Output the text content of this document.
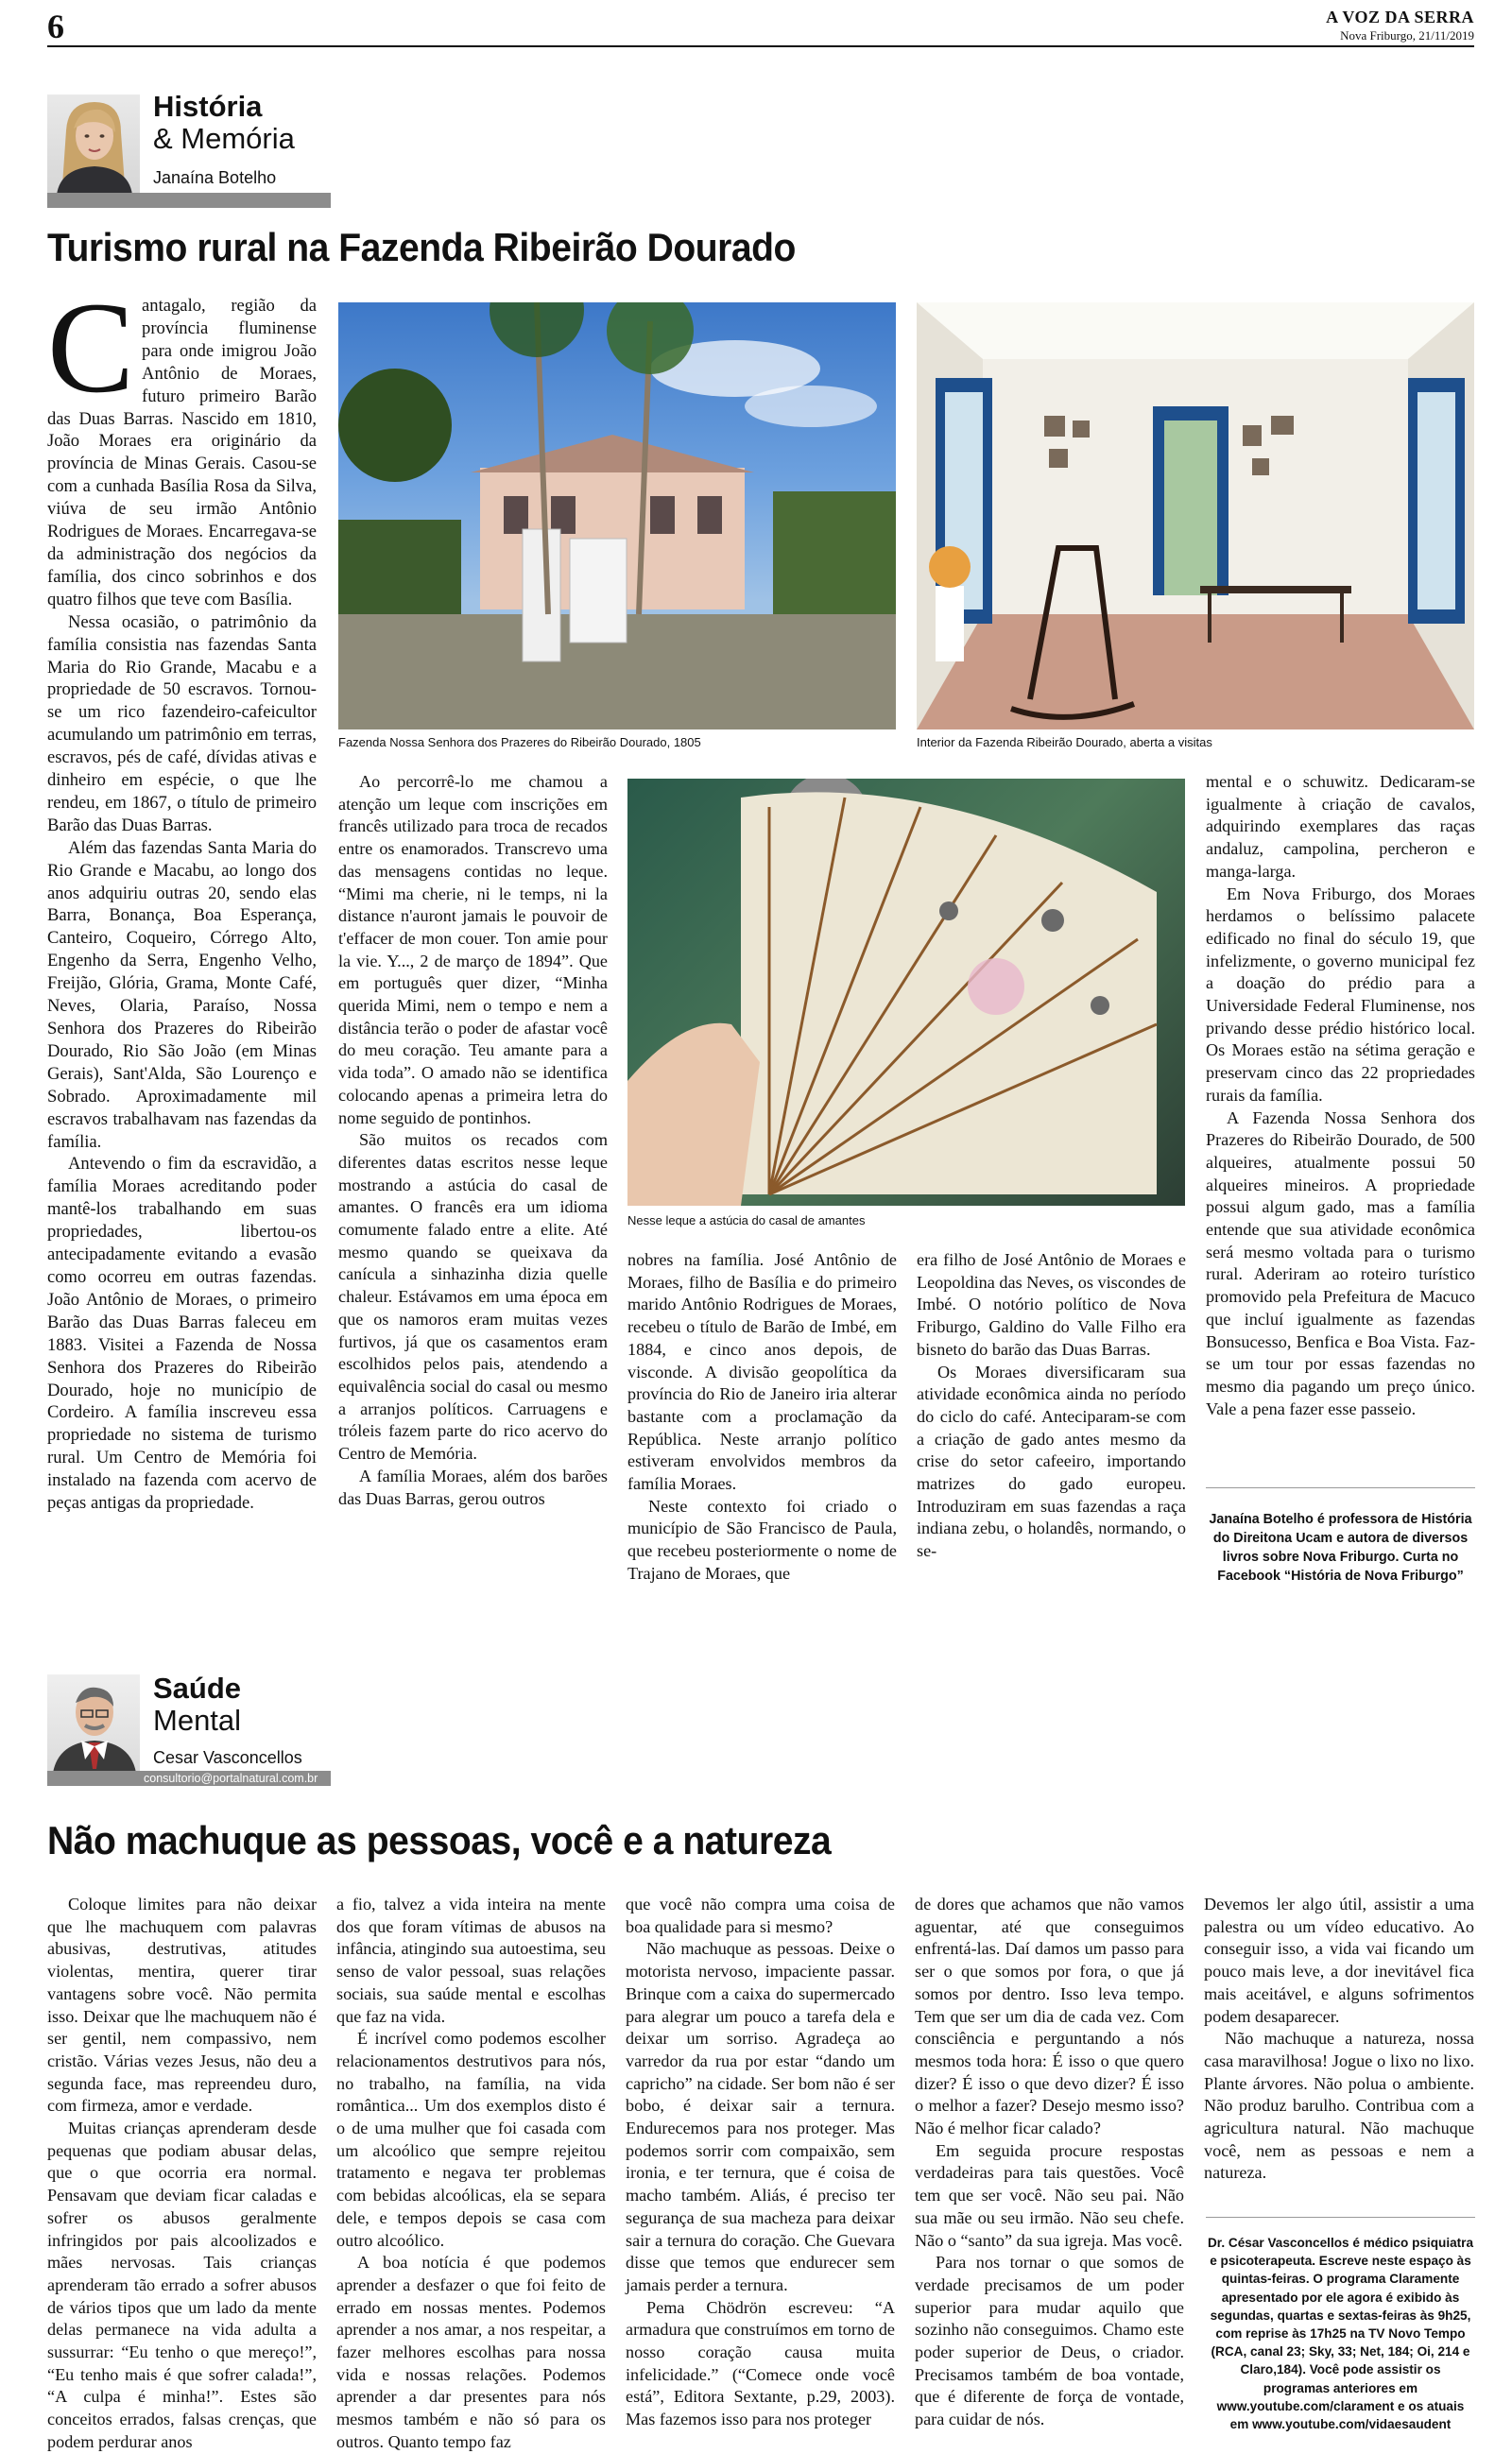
6	A VOZ DA SERRA
Nova Friburgo, 21/11/2019
História
& Memória
Janaína Botelho
Turismo rural na Fazenda Ribeirão Dourado
C antagalo, região da província fluminense para onde imigrou João Antônio de Moraes, futuro primeiro Barão das Duas Barras. Nascido em 1810, João Moraes era originário da província de Minas Gerais. Casou-se com a cunhada Basília Rosa da Silva, viúva de seu irmão Antônio Rodrigues de Moraes. Encarregava-se da administração dos negócios da família, dos cinco sobrinhos e dos quatro filhos que teve com Basília.

Nessa ocasião, o patrimônio da família consistia nas fazendas Santa Maria do Rio Grande, Macabu e a propriedade de 50 escravos. Tornou-se um rico fazendeiro-cafeicultor acumulando um patrimônio em terras, escravos, pés de café, dívidas ativas e dinheiro em espécie, o que lhe rendeu, em 1867, o título de primeiro Barão das Duas Barras.

Além das fazendas Santa Maria do Rio Grande e Macabu, ao longo dos anos adquiriu outras 20, sendo elas Barra, Bonança, Boa Esperança, Canteiro, Coqueiro, Córrego Alto, Engenho da Serra, Engenho Velho, Freijão, Glória, Grama, Monte Café, Neves, Olaria, Paraíso, Nossa Senhora dos Prazeres do Ribeirão Dourado, Rio São João (em Minas Gerais), Sant'Alda, São Lourenço e Sobrado. Aproximadamente mil escravos trabalhavam nas fazendas da família.

Antevendo o fim da escravidão, a família Moraes acreditando poder mantê-los trabalhando em suas propriedades, libertou-os antecipadamente evitando a evasão como ocorreu em outras fazendas. João Antônio de Moraes, o primeiro Barão das Duas Barras faleceu em 1883. Visitei a Fazenda de Nossa Senhora dos Prazeres do Ribeirão Dourado, hoje no município de Cordeiro. A família inscreveu essa propriedade no sistema de turismo rural. Um Centro de Memória foi instalado na fazenda com acervo de peças antigas da propriedade.

Fazenda Nossa Senhora dos Prazeres do Ribeirão Dourado, 1805	Interior da Fazenda Ribeirão Dourado, aberta a visitas

Ao percorrê-lo me chamou a atenção um leque com inscrições em francês utilizado para troca de recados entre os enamorados. Transcrevo uma das mensagens contidas no leque. “Mimi ma cherie, ni le temps, ni la distance n'auront jamais le pouvoir de t'effacer de mon couer. Ton amie pour la vie. Y..., 2 de março de 1894”. Que em português quer dizer, “Minha querida Mimi, nem o tempo e nem a distância terão o poder de afastar você do meu coração. Teu amante para a vida toda”. O amado não se identifica colocando apenas a primeira letra do nome seguido de pontinhos.

São muitos os recados com diferentes datas escritos nesse leque mostrando a astúcia do casal de amantes. O francês era um idioma comumente falado entre a elite. Até mesmo quando se queixava da canícula a sinhazinha dizia quelle chaleur. Estávamos em uma época em que os namoros eram muitas vezes furtivos, já que os casamentos eram escolhidos pelos pais, atendendo a equivalência social do casal ou mesmo a arranjos políticos. Carruagens e tróleis fazem parte do rico acervo do Centro de Memória.

A família Moraes, além dos barões das Duas Barras, gerou outros

Nesse leque a astúcia do casal de amantes

nobres na família. José Antônio de Moraes, filho de Basília e do primeiro marido Antônio Rodrigues de Moraes, recebeu o título de Barão de Imbé, em 1884, e cinco anos depois, de visconde. A divisão geopolítica da província do Rio de Janeiro iria alterar bastante com a proclamação da República. Neste arranjo político estiveram envolvidos membros da família Moraes.

Neste contexto foi criado o município de São Francisco de Paula, que recebeu posteriormente o nome de Trajano de Moraes, que

era filho de José Antônio de Moraes e Leopoldina das Neves, os viscondes de Imbé. O notório político de Nova Friburgo, Galdino do Valle Filho era bisneto do barão das Duas Barras.

Os Moraes diversificaram sua atividade econômica ainda no período do ciclo do café. Anteciparam-se com a criação de gado antes mesmo da crise do setor cafeeiro, importando matrizes do gado europeu. Introduziram em suas fazendas a raça indiana zebu, o holandês, normando, o se-

mental e o schuwitz. Dedicaram-se igualmente à criação de cavalos, adquirindo exemplares das raças andaluz, campolina, percheron e manga-larga.

Em Nova Friburgo, dos Moraes herdamos o belíssimo palacete edificado no final do século 19, que infelizmente, o governo municipal fez a doação do prédio para a Universidade Federal Fluminense, nos privando desse prédio histórico local. Os Moraes estão na sétima geração e preservam cinco das 22 propriedades rurais da família.

A Fazenda Nossa Senhora dos Prazeres do Ribeirão Dourado, de 500 alqueires, atualmente possui 50 alqueires mineiros. A propriedade possui algum gado, mas a família entende que sua atividade econômica será mesmo voltada para o turismo rural. Aderiram ao roteiro turístico promovido pela Prefeitura de Macuco que incluí igualmente as fazendas Bonsucesso, Benfica e Boa Vista. Faz-se um tour por essas fazendas no mesmo dia pagando um preço único. Vale a pena fazer esse passeio.

Janaína Botelho é professora de História do Direitona Ucam e autora de diversos livros sobre Nova Friburgo. Curta no Facebook “História de Nova Friburgo”
Saúde
Mental
Cesar Vasconcellos
consultorio@portalnatural.com.br
Não machuque as pessoas, você e a natureza

Coloque limites para não deixar que lhe machuquem com palavras abusivas, destrutivas, atitudes violentas, mentira, querer tirar vantagens sobre você. Não permita isso. Deixar que lhe machuquem não é ser gentil, nem compassivo, nem cristão. Várias vezes Jesus, não deu a segunda face, mas repreendeu duro, com firmeza, amor e verdade.

Muitas crianças aprenderam desde pequenas que podiam abusar delas, que o que ocorria era normal. Pensavam que deviam ficar caladas e sofrer os abusos geralmente infringidos por pais alcoolizados e mães nervosas. Tais crianças aprenderam tão errado a sofrer abusos de vários tipos que um lado da mente delas permanece na vida adulta a sussurrar: “Eu tenho o que mereço!”, “Eu tenho mais é que sofrer calada!”, “A culpa é minha!”. Estes são conceitos errados, falsas crenças, que podem perdurar anos

a fio, talvez a vida inteira na mente dos que foram vítimas de abusos na infância, atingindo sua autoestima, seu senso de valor pessoal, suas relações sociais, sua saúde mental e escolhas que faz na vida.

É incrível como podemos escolher relacionamentos destrutivos para nós, no trabalho, na família, na vida romântica... Um dos exemplos disto é o de uma mulher que foi casada com um alcoólico que sempre rejeitou tratamento e negava ter problemas com bebidas alcoólicas, ela se separa dele, e tempos depois se casa com outro alcoólico.

A boa notícia é que podemos aprender a desfazer o que foi feito de errado em nossas mentes. Podemos aprender a nos amar, a nos respeitar, a fazer melhores escolhas para nossa vida e nossas relações. Podemos aprender a dar presentes para nós mesmos também e não só para os outros. Quanto tempo faz

que você não compra uma coisa de boa qualidade para si mesmo?

Não machuque as pessoas. Deixe o motorista nervoso, impaciente passar. Brinque com a caixa do supermercado para alegrar um pouco a tarefa dela e deixar um sorriso. Agradeça ao varredor da rua por estar “dando um capricho” na cidade. Ser bom não é ser bobo, é deixar sair a ternura. Endurecemos para nos proteger. Mas podemos sorrir com compaixão, sem ironia, e ter ternura, que é coisa de macho também. Aliás, é preciso ter segurança de sua macheza para deixar sair a ternura do coração. Che Guevara disse que temos que endurecer sem jamais perder a ternura.

Pema Chödrön escreveu: “A armadura que construímos em torno de nosso coração causa muita infelicidade.” (“Comece onde você está”, Editora Sextante, p.29, 2003). Mas fazemos isso para nos proteger

de dores que achamos que não vamos aguentar, até que conseguimos enfrentá-las. Daí damos um passo para ser o que somos por fora, o que já somos por dentro. Isso leva tempo. Tem que ser um dia de cada vez. Com consciência e perguntando a nós mesmos toda hora: É isso o que quero dizer? É isso o que devo dizer? É isso o melhor a fazer? Desejo mesmo isso? Não é melhor ficar calado?

Em seguida procure respostas verdadeiras para tais questões. Você tem que ser você. Não seu pai. Não sua mãe ou seu irmão. Não seu chefe. Não o “santo” da sua igreja. Mas você.

Para nos tornar o que somos de verdade precisamos de um poder superior para mudar aquilo que sozinho não conseguimos. Chamo este poder superior de Deus, o criador. Precisamos também de boa vontade, que é diferente de força de vontade, para cuidar de nós.

Devemos ler algo útil, assistir a uma palestra ou um vídeo educativo. Ao conseguir isso, a vida vai ficando um pouco mais leve, a dor inevitável fica mais aceitável, e alguns sofrimentos podem desaparecer.

Não machuque a natureza, nossa casa maravilhosa! Jogue o lixo no lixo. Plante árvores. Não polua o ambiente. Não produz barulho. Contribua com a agricultura natural. Não machuque você, nem as pessoas e nem a natureza.

Dr. César Vasconcellos é médico psiquiatra e psicoterapeuta. Escreve neste espaço às quintas-feiras. O programa Claramente apresentado por ele agora é exibido às segundas, quartas e sextas-feiras às 9h25, com reprise às 17h25 na TV Novo Tempo (RCA, canal 23; Sky, 33; Net, 184; Oi, 214 e Claro,184). Você pode assistir os programas anteriores em www.youtube.com/clarament e os atuais em www.youtube.com/vidaesaudent
